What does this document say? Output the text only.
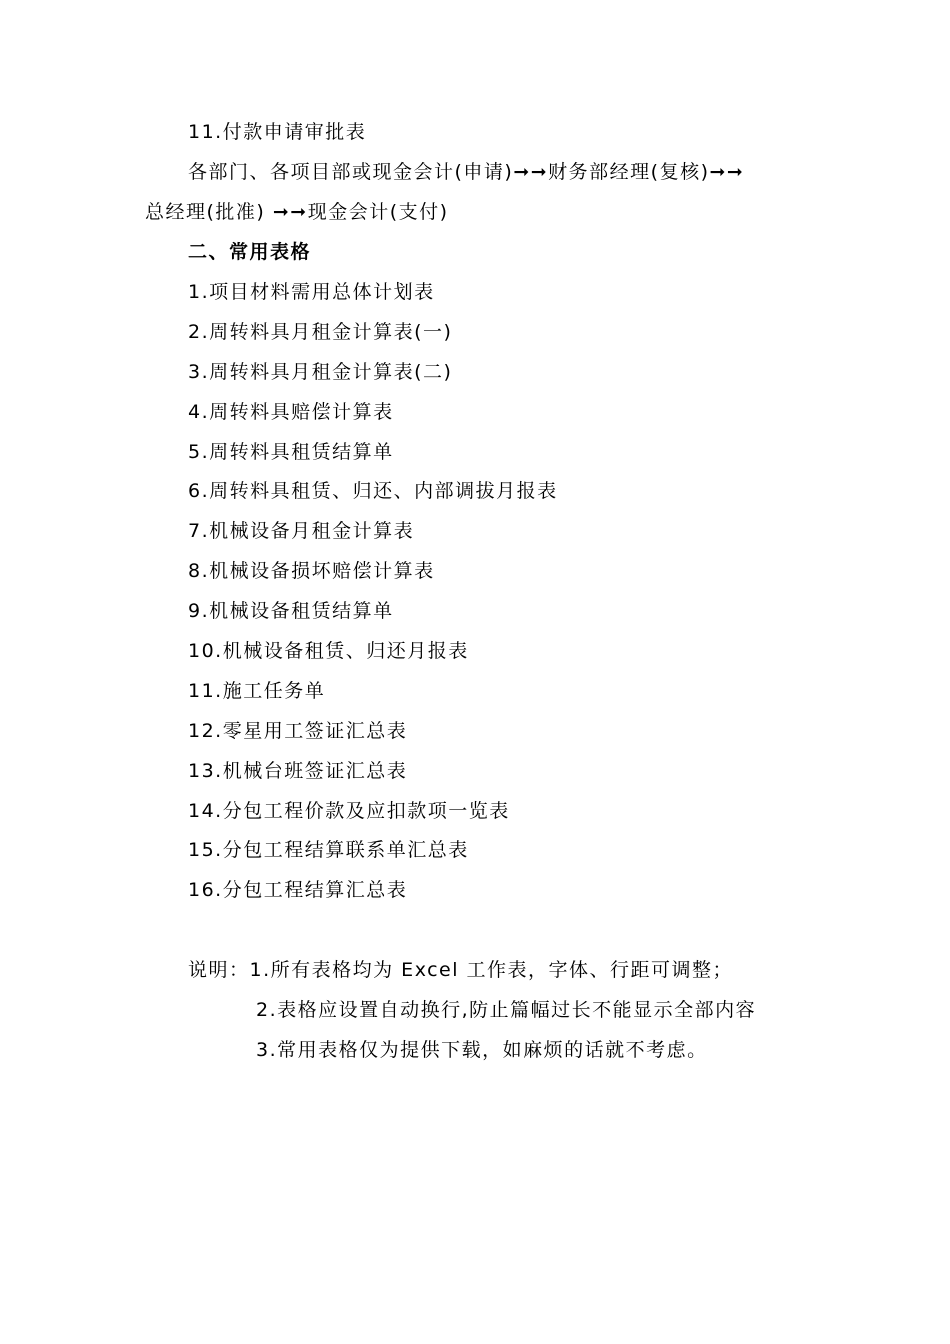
11.付款申请审批表
各部门、各项目部或现金会计(申请)➞➞财务部经理(复核)➞➞
总经理(批准) ➞➞现金会计(支付)
二、常用表格
1.项目材料需用总体计划表
2.周转料具月租金计算表(一)
3.周转料具月租金计算表(二)
4.周转料具赔偿计算表
5.周转料具租赁结算单
6.周转料具租赁、归还、内部调拔月报表
7.机械设备月租金计算表
8.机械设备损坏赔偿计算表
9.机械设备租赁结算单
10.机械设备租赁、归还月报表
11.施工任务单
12.零星用工签证汇总表
13.机械台班签证汇总表
14.分包工程价款及应扣款项一览表
15.分包工程结算联系单汇总表
16.分包工程结算汇总表
说明：1.所有表格均为 Excel 工作表，字体、行距可调整；
2.表格应设置自动换行,防止篇幅过长不能显示全部内容
3.常用表格仅为提供下载，如麻烦的话就不考虑。
